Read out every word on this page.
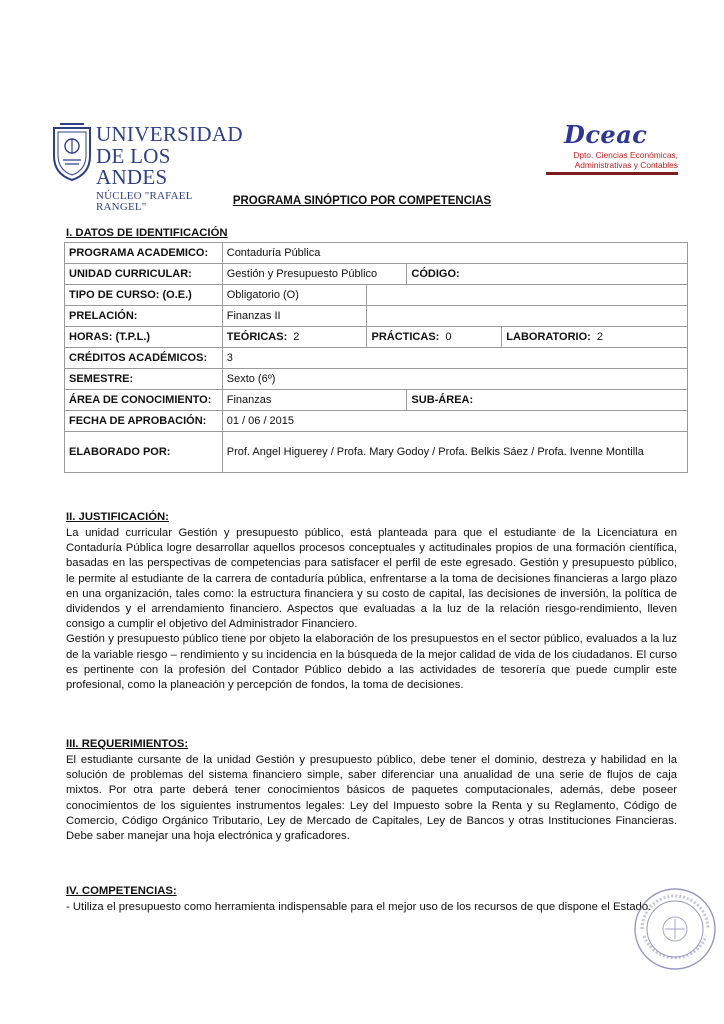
UNIVERSIDAD
DE LOS ANDES
NÚCLEO "RAFAEL RANGEL"
Dceac
Dpto. Ciencias Económicas,
Administrativas y Contables
PROGRAMA SINÓPTICO POR COMPETENCIAS
I. DATOS DE IDENTIFICACIÓN
PROGRAMA ACADEMICO:	Contaduría Pública			
UNIDAD CURRICULAR:	Gestión y Presupuesto Público		CÓDIGO:	
TIPO DE CURSO: (O.E.)	Obligatorio (O)			
PRELACIÓN:	Finanzas II			
HORAS: (T.P.L.)	TEÓRICAS: 2	PRÁCTICAS: 0		LABORATORIO: 2
CRÉDITOS ACADÉMICOS:	3			
SEMESTRE:	Sexto (6º)			
ÁREA DE CONOCIMIENTO:	Finanzas		SUB-ÁREA:	
FECHA DE APROBACIÓN:	01 / 06 / 2015			
ELABORADO POR:	Prof. Angel Higuerey / Profa. Mary Godoy / Profa. Belkis Sáez / Profa. Ivenne Montilla			
II. JUSTIFICACIÓN:

La unidad curricular Gestión y presupuesto público, está planteada para que el estudiante de la Licenciatura en Contaduría Pública logre desarrollar aquellos procesos conceptuales y actitudinales propios de una formación científica, basadas en las perspectivas de competencias para satisfacer el perfil de este egresado. Gestión y presupuesto público, le permite al estudiante de la carrera de contaduría pública, enfrentarse a la toma de decisiones financieras a largo plazo en una organización, tales como: la estructura financiera y su costo de capital, las decisiones de inversión, la política de dividendos y el arrendamiento financiero. Aspectos que evaluadas a la luz de la relación riesgo-rendimiento, lleven consigo a cumplir el objetivo del Administrador Financiero.

Gestión y presupuesto público tiene por objeto la elaboración de los presupuestos en el sector público, evaluados a la luz de la variable riesgo – rendimiento y su incidencia en la búsqueda de la mejor calidad de vida de los ciudadanos. El curso es pertinente con la profesión del Contador Público debido a las actividades de tesorería que puede cumplir este profesional, como la planeación y percepción de fondos, la toma de decisiones.

III. REQUERIMIENTOS:

El estudiante cursante de la unidad Gestión y presupuesto público, debe tener el dominio, destreza y habilidad en la solución de problemas del sistema financiero simple, saber diferenciar una anualidad de una serie de flujos de caja mixtos. Por otra parte deberá tener conocimientos básicos de paquetes computacionales, además, debe poseer conocimientos de los siguientes instrumentos legales: Ley del Impuesto sobre la Renta y su Reglamento, Código de Comercio, Código Orgánico Tributario, Ley de Mercado de Capitales, Ley de Bancos y otras Instituciones Financieras. Debe saber manejar una hoja electrónica y graficadores.

IV. COMPETENCIAS:

- Utiliza el presupuesto como herramienta indispensable para el mejor uso de los recursos de que dispone el Estado.
